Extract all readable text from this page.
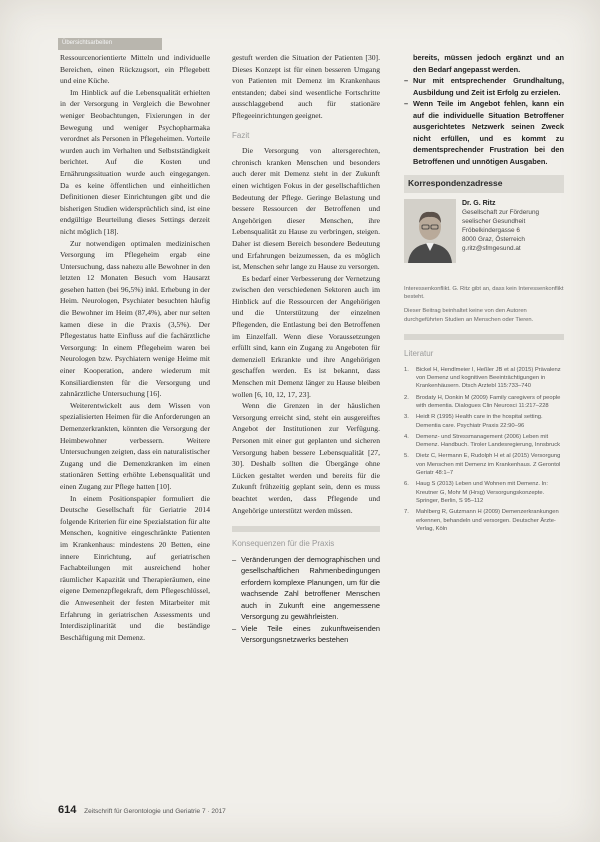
Übersichtsarbeiten

Ressourcenorientierte Mitteln und individuelle Bereichen, einen Rückzugsort, ein Pflegebett und eine Küche.

Im Hinblick auf die Lebensqualität erhielten in der Versorgung in Vergleich die Bewohner weniger Beobachtungen, Fixierungen in der Bewegung und weniger Psychopharmaka verordnet als Personen in Pflegeheimen. Vorteile wurden auch im Verhalten und Selbstständigkeit berichtet. Auf die Kosten und Ernährungssituation wurde auch eingegangen. Da es keine öffentlichen und einheitlichen Definitionen dieser Einrichtungen gibt und die bisherigen Studien widersprüchlich sind, ist eine endgültige Beurteilung dieses Settings derzeit nicht möglich [18].

Zur notwendigen optimalen medizinischen Versorgung im Pflegeheim ergab eine Untersuchung, dass nahezu alle Bewohner in den letzten 12 Monaten Besuch vom Hausarzt gesehen hatten (bei 96,5%) inkl. Erhebung in der Heim. Neurologen, Psychiater besuchten häufig die Bewohner im Heim (87,4%), aber nur selten kamen diese in die Praxis (3,5%). Der Pflegestatus hatte Einfluss auf die fachärztliche Versorgung: In einem Pflegeheim waren bei Neurologen bzw. Psychiatern wenige Heime mit einer Kooperation, andere wiederum mit Konsiliardiensten für die Versorgung und zahnärztliche Untersuchung [16].

Weiterentwickelt aus dem Wissen von spezialisierten Heimen für die Anforderungen an Demenzerkrankten, könnten die Versorgung der Heimbewohner verbessern. Weitere Untersuchungen zeigten, dass ein naturalistischer Zugang und die Demenzkranken im einen stationären Setting erhöhte Lebensqualität und einen Zugang zur Pflege hatten [10].

In einem Positionspapier formuliert die Deutsche Gesellschaft für Geriatrie 2014 folgende Kriterien für eine Spezialstation für alte Menschen, kognitive eingeschränkte Patienten im Krankenhaus: mindestens 20 Betten, eine innere Einrichtung, auf geriatrischen Fachabteilungen mit ausreichend hoher räumlicher Kapazität und Therapieräumen, eine eigene Demenzpflegekraft, dem Pflegeschlüssel, die Anwesenheit der festen Mitarbeiter mit Erfahrung in geriatrischen Assessments und Interdisziplinarität und die beständige Beschäftigung mit Demenz.

gestuft werden die Situation der Patienten [30]. Dieses Konzept ist für einen besseren Umgang von Patienten mit Demenz im Krankenhaus entstanden; dabei sind wesentliche Fortschritte ausschlaggebend auch für stationäre Pflegeeinrichtungen geeignet.

Fazit

Die Versorgung von altersgerechten, chronisch kranken Menschen und besonders auch derer mit Demenz steht in der Zukunft einen wichtigen Fokus in der gesellschaftlichen Bedeutung der Pflege. Geringe Belastung und bessere Ressourcen der Betroffenen und Angehörigen dieser Menschen, ihre Lebensqualität zu Hause zu verbringen, steigen. Daher ist diesem Bereich besondere Bedeutung und Erfahrungen beizumessen, da es möglich ist, Menschen sehr lange zu Hause zu versorgen.

Es bedarf einer Verbesserung der Vernetzung zwischen den verschiedenen Sektoren auch im Hinblick auf die Ressourcen der Angehörigen und die Unterstützung der einzelnen Pflegenden, die Entlastung bei den Betroffenen im Einzelfall. Wenn diese Voraussetzungen erfüllt sind, kann ein Zugang zu Angeboten für demenziell Erkrankte und ihre Angehörigen geschaffen werden. Es ist bekannt, dass Menschen mit Demenz länger zu Hause bleiben wollen [6, 10, 12, 17, 23].

Wenn die Grenzen in der häuslichen Versorgung erreicht sind, steht ein ausgereiftes Angebot der Institutionen zur Verfügung. Personen mit einer gut geplanten und sicheren Versorgung haben bessere Lebensqualität [27, 30]. Deshalb sollten die Übergänge ohne Lücken gestaltet werden und bereits für die Zukunft frühzeitig geplant sein, denn es muss beachtet werden, dass Pflegende und Angehörige unterstützt werden müssen.

Konsequenzen für die Praxis
– Veränderungen der demographischen und gesellschaftlichen Rahmenbedingungen erfordern komplexe Planungen, um für die wachsende Zahl betroffener Menschen auch in Zukunft eine angemessene Versorgung zu gewährleisten.
– Viele Teile eines zukunftweisenden Versorgungsnetzwerks bestehen
bereits, müssen jedoch ergänzt und an den Bedarf angepasst werden.
– Nur mit entsprechender Grundhaltung, Ausbildung und Zeit ist Erfolg zu erzielen.
– Wenn Teile im Angebot fehlen, kann ein auf die individuelle Situation Betroffener ausgerichtetes Netzwerk seinen Zweck nicht erfüllen, und es kommt zu dementsprechender Frustration bei den Betroffenen und unnötigen Ausgaben.
Korrespondenzadresse
Dr. G. Ritz
Gesellschaft zur Förderung
seelischer Gesundheit
Fröbelkindergasse 6
8000 Graz, Österreich
g.ritz@sfmgesund.at

Interessenkonflikt. G. Ritz gibt an, dass kein Interessenkonflikt besteht.

Dieser Beitrag beinhaltet keine von den Autoren durchgeführten Studien an Menschen oder Tieren.

Literatur
1.	Bickel H, Hendlmeier I, Heßler JB et al (2015) Prävalenz von Demenz und kognitiven Beeinträchtigungen in Krankenhäusern. Dtsch Arztebl 115:733–740
2.	Brodaty H, Donkin M (2009) Family caregivers of people with dementia. Dialogues Clin Neurosci 11:217–228
3.	Heidt R (1995) Health care in the hospital setting. Dementia care. Psychiatr Praxis 22:90–96
4.	Demenz- und Stressmanagement (2006) Leben mit Demenz. Handbuch. Tiroler Landesregierung, Innsbruck
5.	Dietz C, Hermann E, Rudolph H et al (2015) Versorgung von Menschen mit Demenz im Krankenhaus. Z Gerontol Geriatr 48:1–7
6.	Haug S (2013) Leben und Wohnen mit Demenz. In: Kreutner G, Mohr M (Hrsg) Versorgungskonzepte. Springer, Berlin, S 95–112
7.	Mahlberg R, Gutzmann H (2009) Demenzerkrankungen erkennen, behandeln und versorgen. Deutscher Ärzte-Verlag, Köln
614 Zeitschrift für Gerontologie und Geriatrie 7 · 2017
